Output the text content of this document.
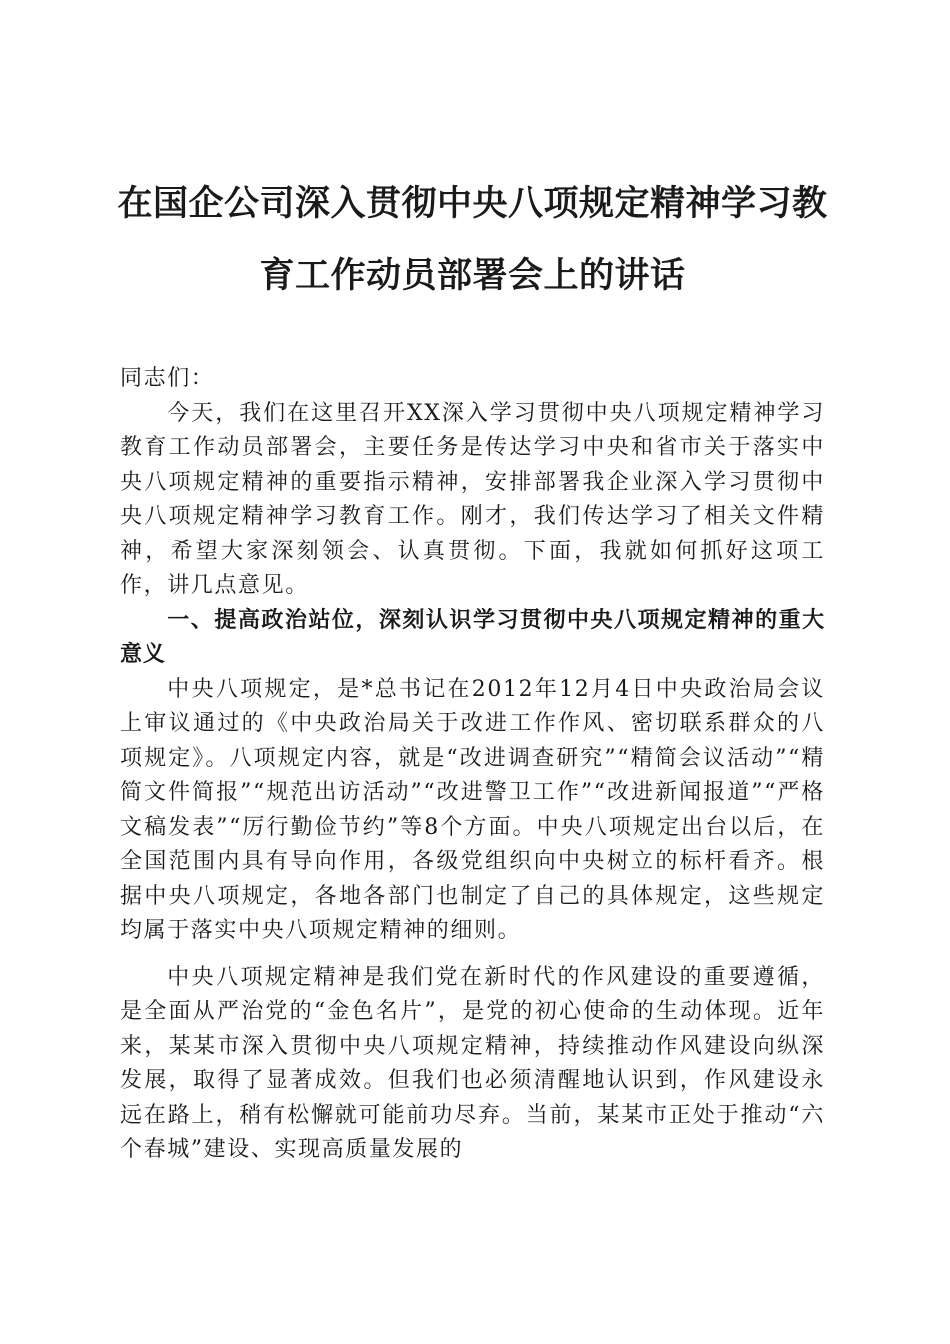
在国企公司深入贯彻中央八项规定精神学习教
育工作动员部署会上的讲话

同志们：

今天，我们在这里召开XX深入学习贯彻中央八项规定精神学习教育工作动员部署会，主要任务是传达学习中央和省市关于落实中央八项规定精神的重要指示精神，安排部署我企业深入学习贯彻中央八项规定精神学习教育工作。刚才，我们传达学习了相关文件精神，希望大家深刻领会、认真贯彻。下面，我就如何抓好这项工作，讲几点意见。

一、提高政治站位，深刻认识学习贯彻中央八项规定精神的重大意义

中央八项规定，是*总书记在2012年12月4日中央政治局会议上审议通过的《中央政治局关于改进工作作风、密切联系群众的八项规定》。八项规定内容，就是“改进调查研究”“精简会议活动”“精简文件简报”“规范出访活动”“改进警卫工作”“改进新闻报道”“严格文稿发表”“厉行勤俭节约”等8个方面。中央八项规定出台以后，在全国范围内具有导向作用，各级党组织向中央树立的标杆看齐。根据中央八项规定，各地各部门也制定了自己的具体规定，这些规定均属于落实中央八项规定精神的细则。

中央八项规定精神是我们党在新时代的作风建设的重要遵循，是全面从严治党的“金色名片”，是党的初心使命的生动体现。近年来，某某市深入贯彻中央八项规定精神，持续推动作风建设向纵深发展，取得了显著成效。但我们也必须清醒地认识到，作风建设永远在路上，稍有松懈就可能前功尽弃。当前，某某市正处于推动“六个春城”建设、实现高质量发展的
